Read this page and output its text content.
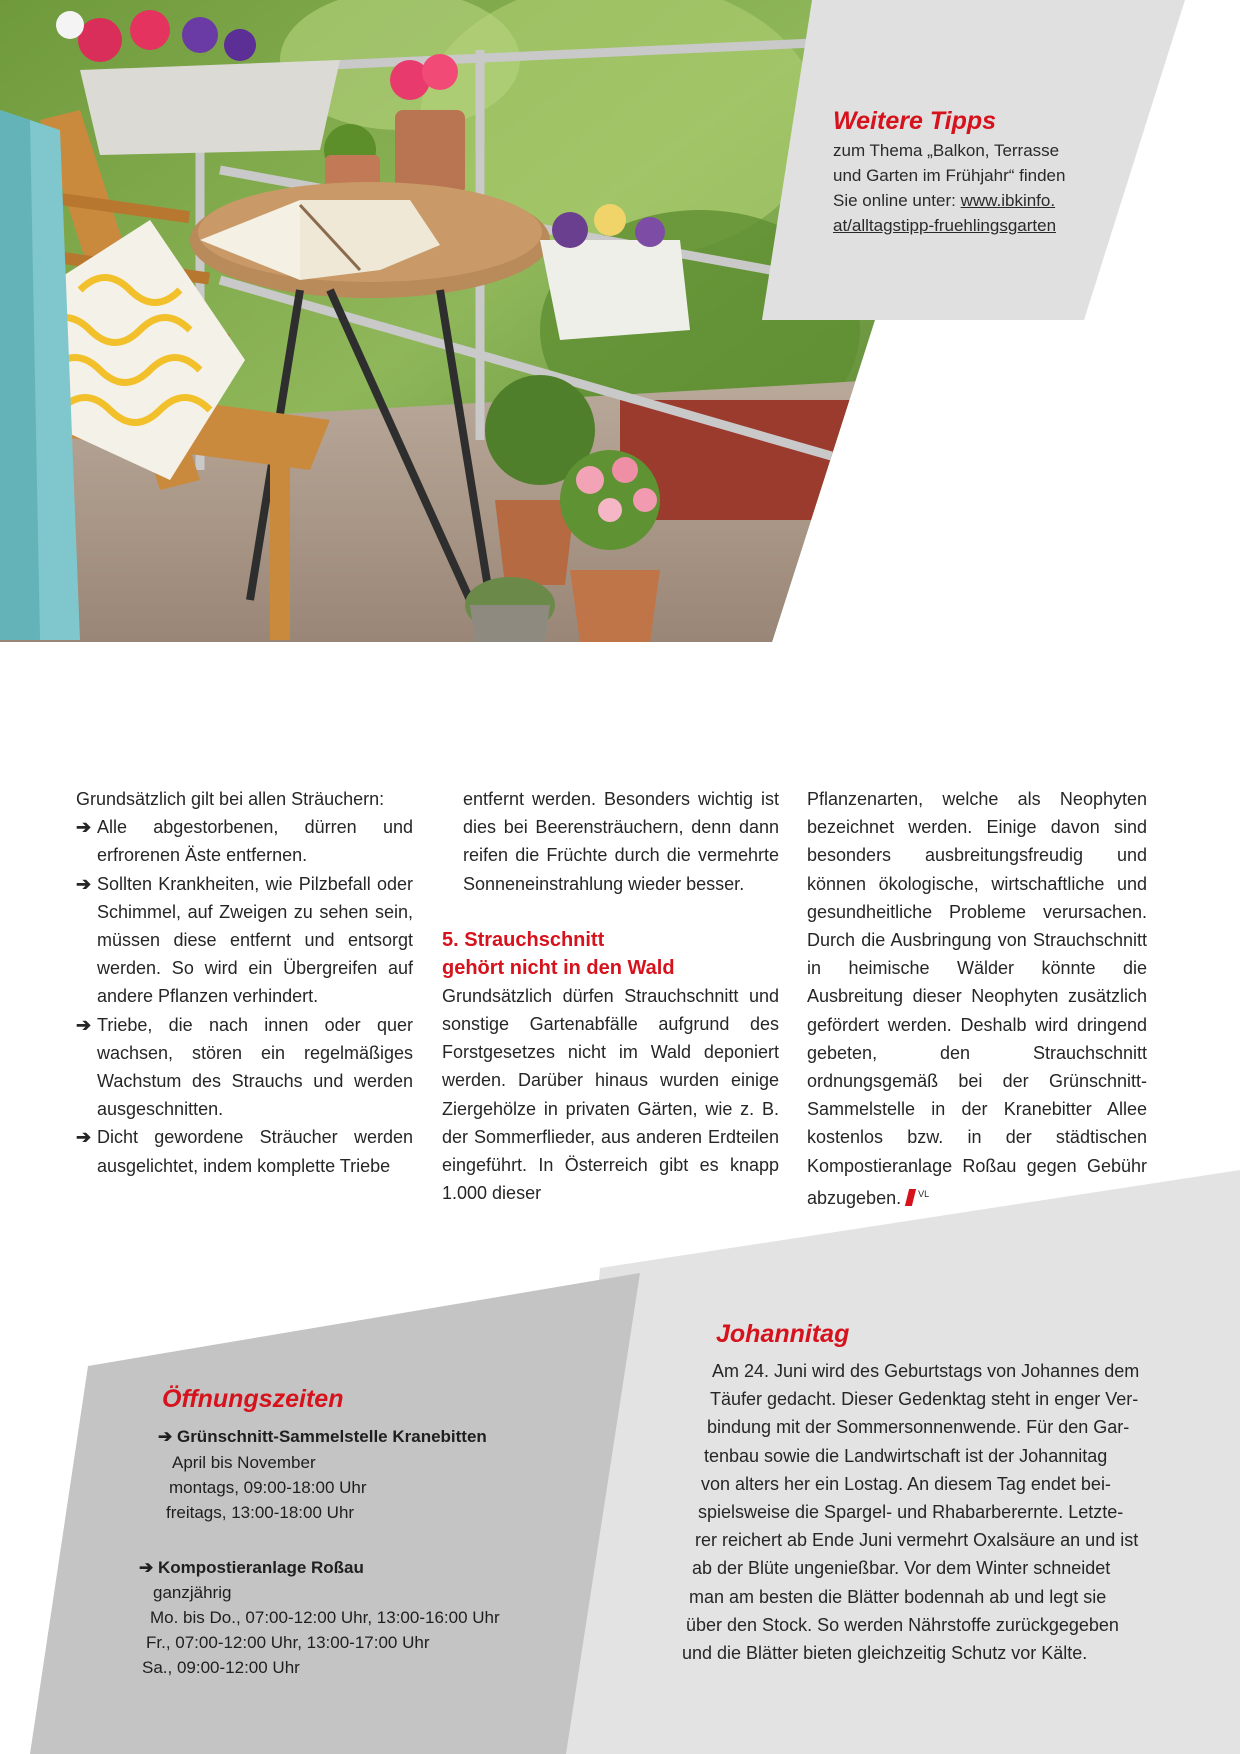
Weitere Tipps
zum Thema „Balkon, Terrasse
und Garten im Frühjahr“ finden
Sie online unter: www.ibkinfo.
at/alltagstipp-fruehlingsgarten

Grundsätzlich gilt bei allen Sträuchern:

➔ Alle abgestorbenen, dürren und erfrorenen Äste entfernen.
➔ Sollten Krankheiten, wie Pilzbefall oder Schimmel, auf Zweigen zu sehen sein, müssen diese entfernt und entsorgt werden. So wird ein Übergreifen auf andere Pflanzen verhindert.
➔ Triebe, die nach innen oder quer wachsen, stören ein regelmäßiges Wachstum des Strauchs und werden ausgeschnitten.
➔ Dicht gewordene Sträucher werden ausgelichtet, indem komplette Triebe

entfernt werden. Besonders wichtig ist dies bei Beerensträuchern, denn dann reifen die Früchte durch die vermehrte Sonneneinstrahlung wieder besser.

5. Strauchschnitt
gehört nicht in den Wald

Grundsätzlich dürfen Strauchschnitt und sonstige Gartenabfälle aufgrund des Forstgesetzes nicht im Wald deponiert werden. Darüber hinaus wurden einige Ziergehölze in privaten Gärten, wie z. B. der Sommerflieder, aus anderen Erdteilen eingeführt. In Österreich gibt es knapp 1.000 dieser

Pflanzenarten, welche als Neophyten bezeichnet werden. Einige davon sind besonders ausbreitungsfreudig und können ökologische, wirtschaftliche und gesundheitliche Probleme verursachen. Durch die Ausbringung von Strauchschnitt in heimische Wälder könnte die Ausbreitung dieser Neophyten zusätzlich gefördert werden. Deshalb wird dringend gebeten, den Strauchschnitt ordnungsgemäß bei der Grünschnitt-Sammelstelle in der Kranebitter Allee kostenlos bzw. in der städtischen Kompostieranlage Roßau gegen Gebühr abzugeben. $^{VL}$

Öffnungszeiten
➔ Grünschnitt-Sammelstelle Kranebitten
April bis November
montags, 09:00-18:00 Uhr
freitags, 13:00-18:00 Uhr
➔ Kompostieranlage Roßau
ganzjährig
Mo. bis Do., 07:00-12:00 Uhr, 13:00-16:00 Uhr
Fr., 07:00-12:00 Uhr, 13:00-17:00 Uhr
Sa., 09:00-12:00 Uhr
Johannitag
Am 24. Juni wird des Geburtstags von Johannes dem
Täufer gedacht. Dieser Gedenktag steht in enger Ver-
bindung mit der Sommersonnenwende. Für den Gar-
tenbau sowie die Landwirtschaft ist der Johannitag
von alters her ein Lostag. An diesem Tag endet bei-
spielsweise die Spargel- und Rhabarberernte. Letzte-
rer reichert ab Ende Juni vermehrt Oxalsäure an und ist
ab der Blüte ungenießbar. Vor dem Winter schneidet
man am besten die Blätter bodennah ab und legt sie
über den Stock. So werden Nährstoffe zurückgegeben
und die Blätter bieten gleichzeitig Schutz vor Kälte.
